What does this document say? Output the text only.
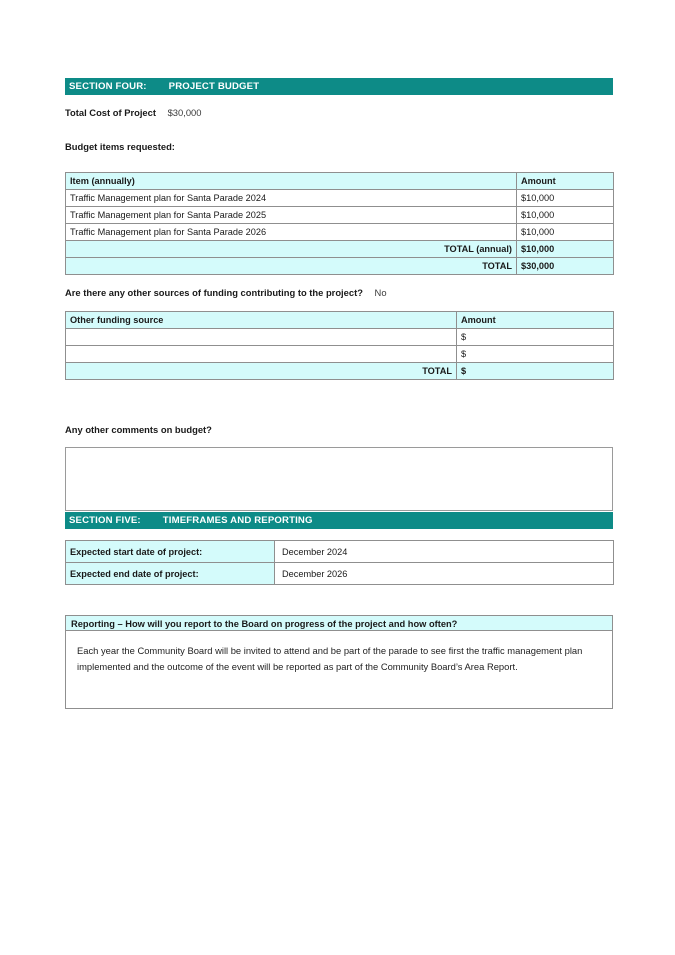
SECTION FOUR: PROJECT BUDGET
Total Cost of Project $30,000
Budget items requested:
Item (annually)	Amount
Traffic Management plan for Santa Parade 2024	$10,000
Traffic Management plan for Santa Parade 2025	$10,000
Traffic Management plan for Santa Parade 2026	$10,000
TOTAL (annual)	$10,000
TOTAL	$30,000
Are there any other sources of funding contributing to the project? No
Other funding source	Amount
	$
	$
TOTAL	$
Any other comments on budget?
SECTION FIVE: TIMEFRAMES AND REPORTING
Expected start date of project:	December 2024
Expected end date of project:	December 2026
Reporting – How will you report to the Board on progress of the project and how often?
Each year the Community Board will be invited to attend and be part of the parade to see first the traffic management plan implemented and the outcome of the event will be reported as part of the Community Board’s Area Report.
